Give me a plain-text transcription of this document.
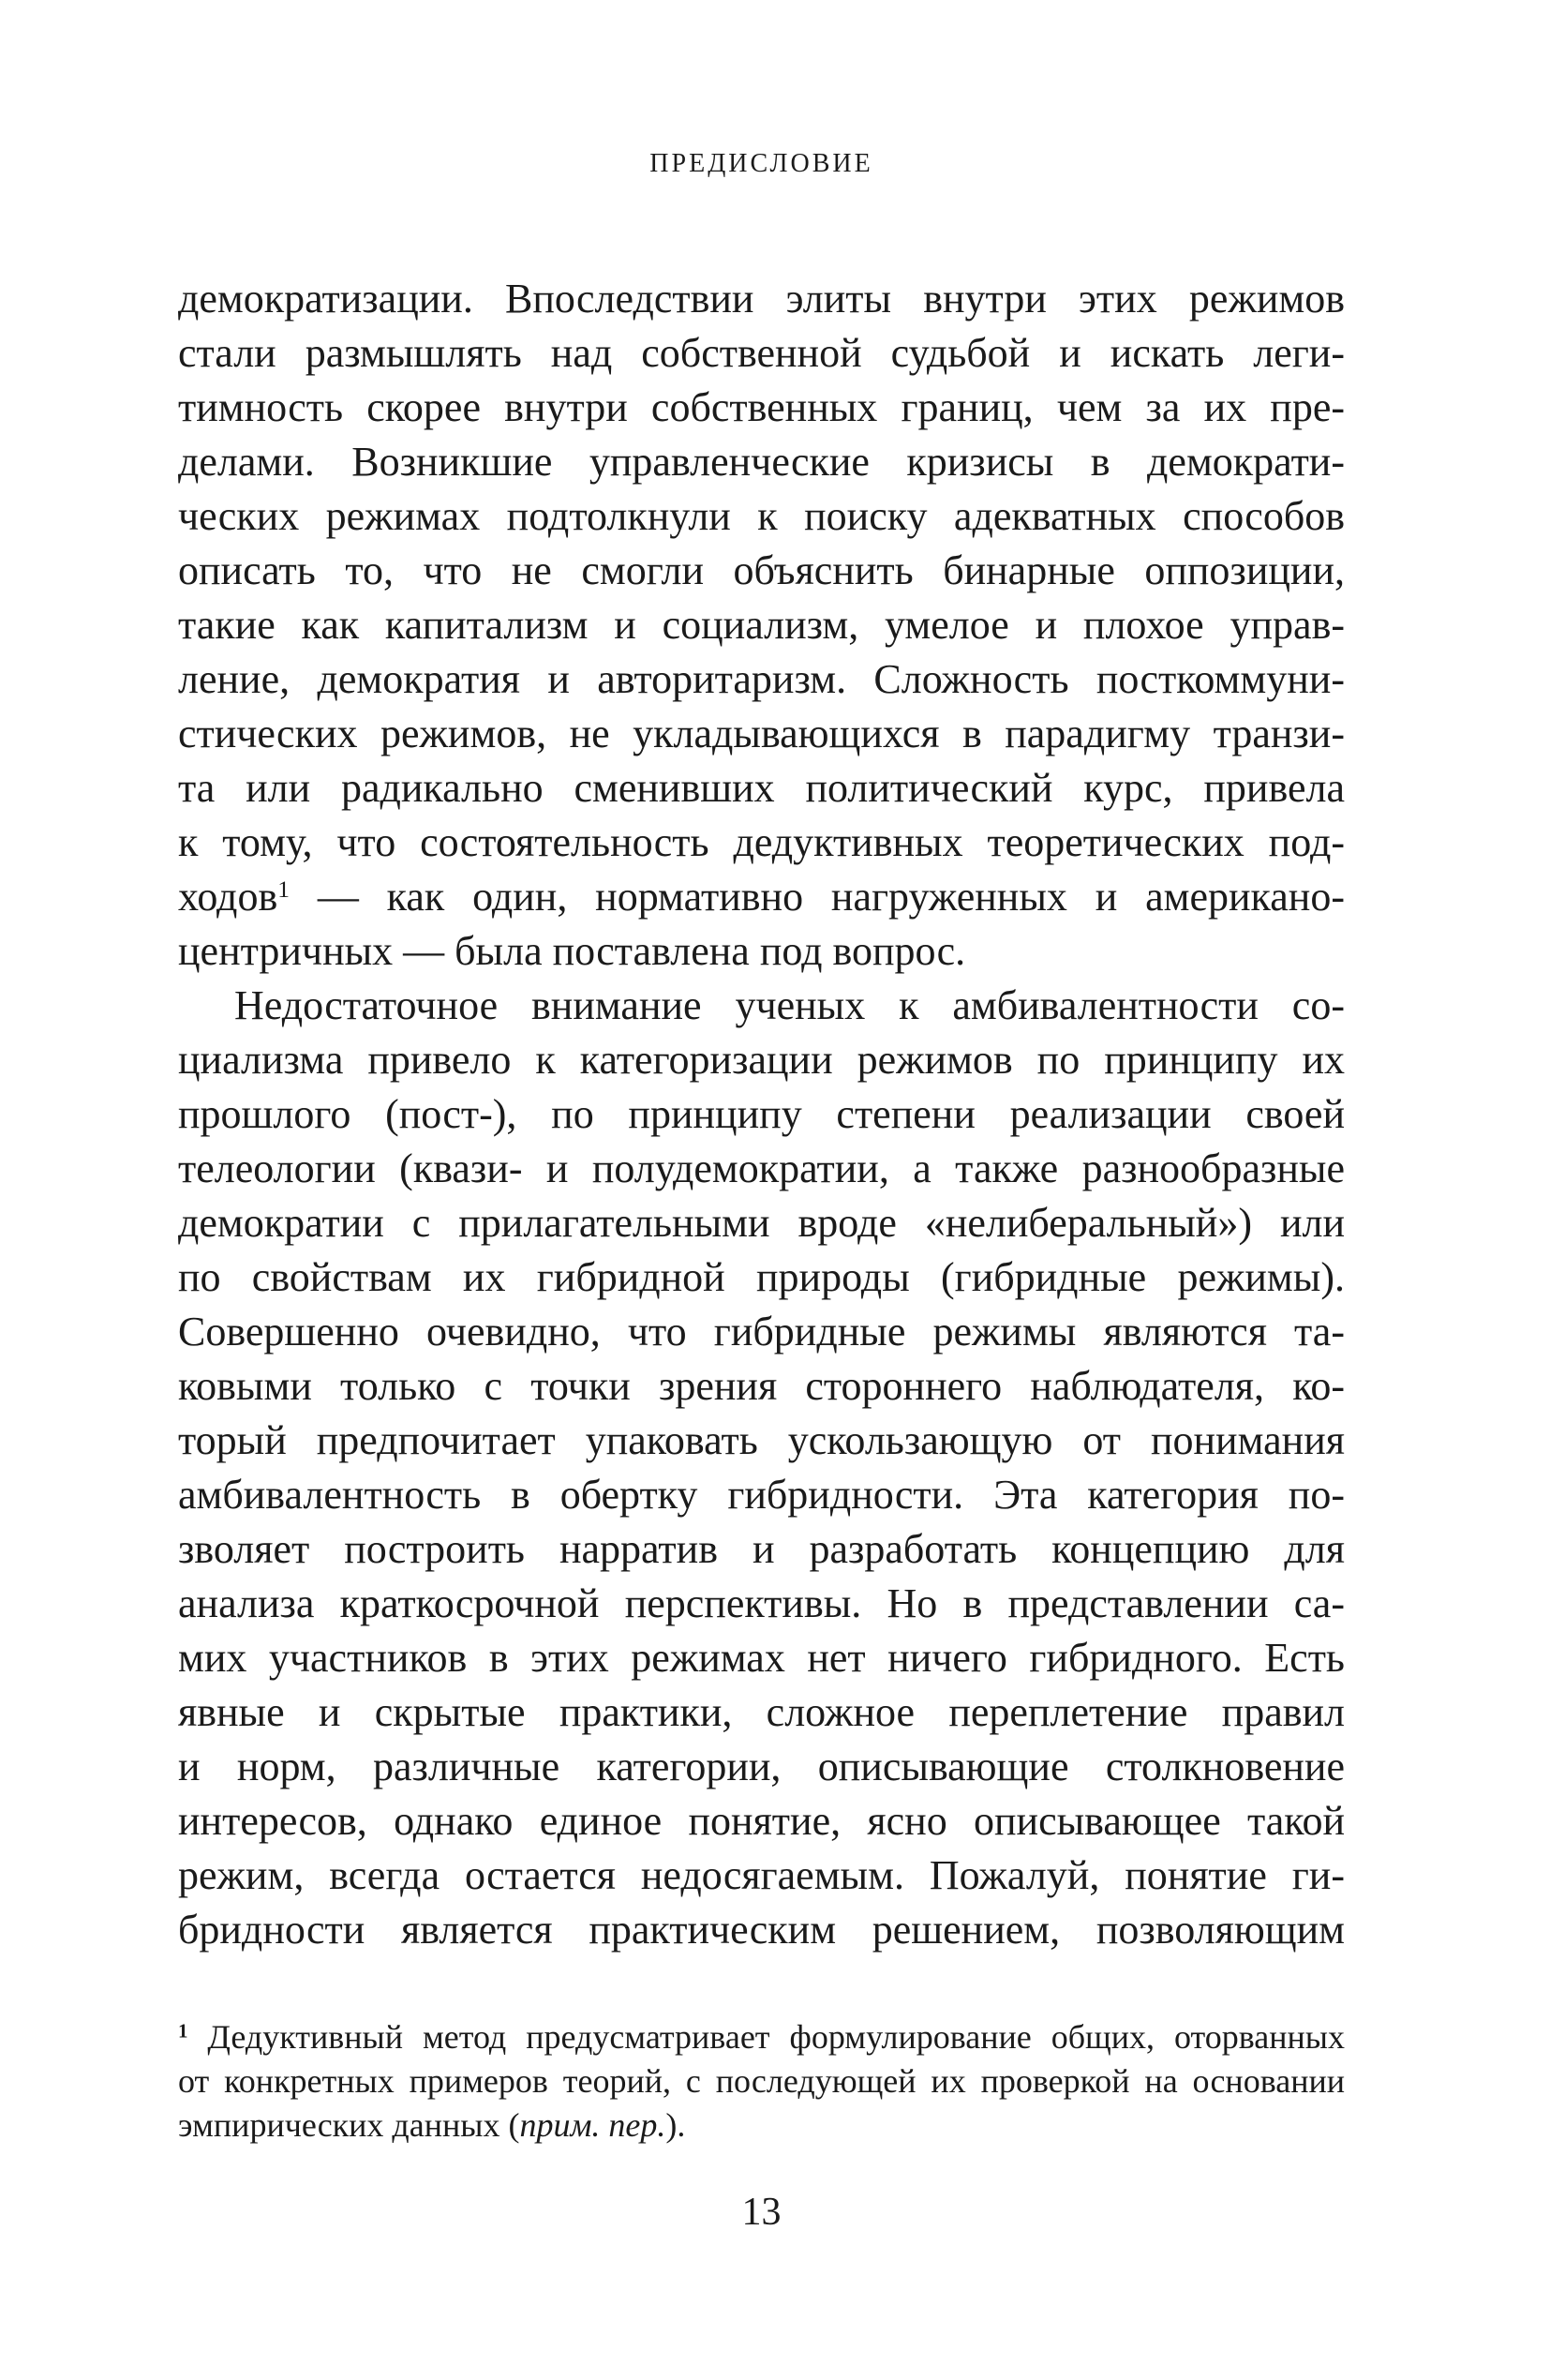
ПРЕДИСЛОВИЕ
демократизации. Впоследствии элиты внутри этих режимов
стали размышлять над собственной судьбой и искать леги-
тимность скорее внутри собственных границ, чем за их пре-
делами. Возникшие управленческие кризисы в демократи-
ческих режимах подтолкнули к поиску адекватных способов
описать то, что не смогли объяснить бинарные оппозиции,
такие как капитализм и социализм, умелое и плохое управ-
ление, демократия и авторитаризм. Сложность посткоммуни-
стических режимов, не укладывающихся в парадигму транзи-
та или радикально сменивших политический курс, привела
к тому, что состоятельность дедуктивных теоретических под-
ходов$^1$ — как один, нормативно нагруженных и американо-
центричных — была поставлена под вопрос.
Недостаточное внимание ученых к амбивалентности со-
циализма привело к категоризации режимов по принципу их
прошлого (пост-), по принципу степени реализации своей
телеологии (квази- и полудемократии, а также разнообразные
демократии с прилагательными вроде «нелиберальный») или
по свойствам их гибридной природы (гибридные режимы).
Совершенно очевидно, что гибридные режимы являются та-
ковыми только с точки зрения стороннего наблюдателя, ко-
торый предпочитает упаковать ускользающую от понимания
амбивалентность в обертку гибридности. Эта категория по-
зволяет построить нарратив и разработать концепцию для
анализа краткосрочной перспективы. Но в представлении са-
мих участников в этих режимах нет ничего гибридного. Есть
явные и скрытые практики, сложное переплетение правил
и норм, различные категории, описывающие столкновение
интересов, однако единое понятие, ясно описывающее такой
режим, всегда остается недосягаемым. Пожалуй, понятие ги-
бридности является практическим решением, позволяющим
$^1$ Дедуктивный метод предусматривает формулирование общих, оторванных
от конкретных примеров теорий, с последующей их проверкой на основании
эмпирических данных (прим. пер.).
13
